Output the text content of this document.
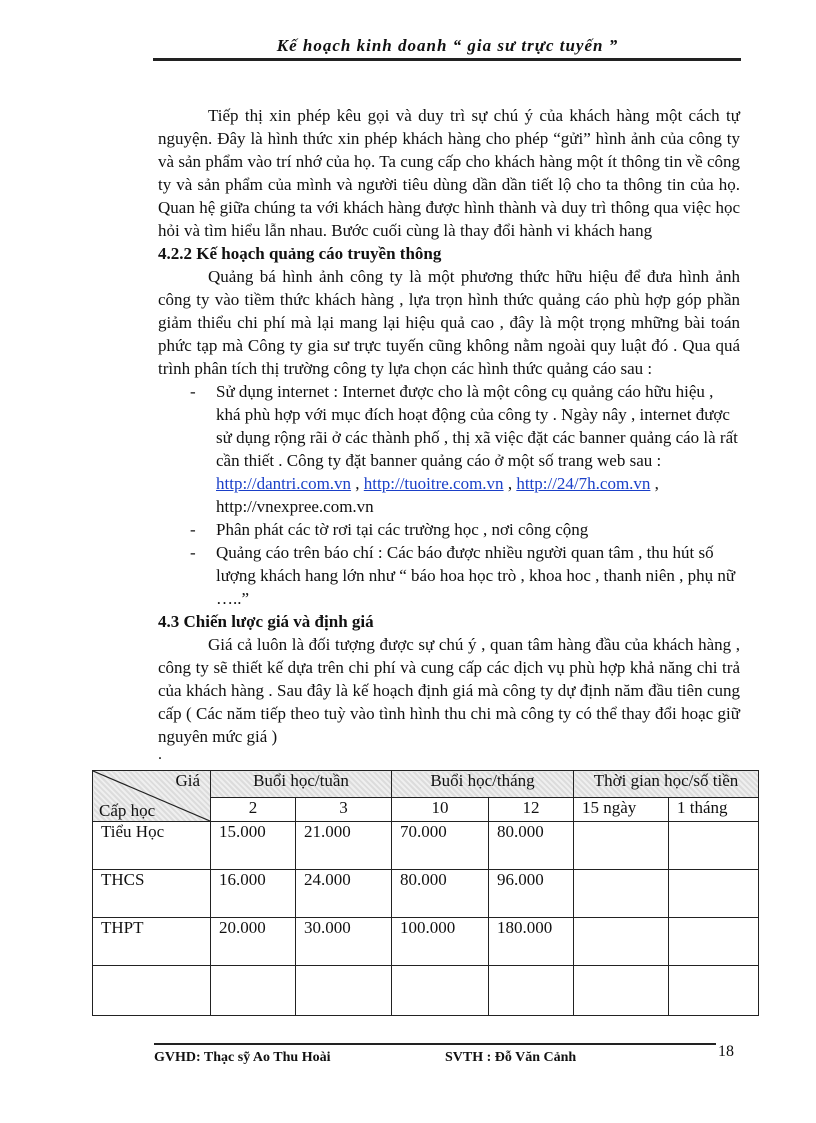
Kế hoạch kinh doanh “ gia sư trực tuyến ”

Tiếp thị xin phép kêu gọi và duy trì sự chú ý của khách hàng một cách tự nguyện. Đây là hình thức xin phép khách hàng cho phép “gửi” hình ảnh của công ty và sản phẩm vào trí nhớ của họ. Ta cung cấp cho khách hàng một ít thông tin về công ty và sản phẩm của mình và người tiêu dùng dần dần tiết lộ cho ta thông tin của họ. Quan hệ giữa chúng ta với khách hàng được hình thành và duy trì thông qua việc học hỏi và tìm hiểu lẫn nhau. Bước cuối cùng là thay đổi hành vi khách hang

4.2.2 Kế hoạch quảng cáo truyền thông

Quảng bá hình ảnh công ty là một phương thức hữu hiệu để đưa hình ảnh công ty vào tiềm thức khách hàng , lựa trọn hình thức quảng cáo phù hợp góp phần giảm thiểu chi phí mà lại mang lại hiệu quả cao , đây là một trọng mhững bài toán phức tạp mà Công ty gia sư trực tuyến cũng không nằm ngoài quy luật đó . Qua quá trình phân tích thị trường công ty lựa chọn các hình thức quảng cáo sau :

- Sử dụng internet : Internet được cho là một công cụ quảng cáo hữu hiệu , khá phù hợp với mục đích hoạt động của công ty . Ngày nây , internet được sử dụng rộng rãi ở các thành phố , thị xã việc đặt các banner quảng cáo là rất cần thiết . Công ty đặt banner quảng cáo ở một số trang web sau : http://dantri.com.vn , http://tuoitre.com.vn , http://24/7h.com.vn , http://vnexpree.com.vn
- Phân phát các tờ rơi tại các trường học , nơi công cộng
- Quảng cáo trên báo chí : Các báo được nhiều người quan tâm , thu hút số lượng khách hang lớn như “ báo hoa học trò , khoa hoc , thanh niên , phụ nữ …..”

4.3 Chiến lược giá và định giá

Giá cả luôn là đối tượng được sự chú ý , quan tâm hàng đầu của khách hàng , công ty sẽ thiết kế dựa trên chi phí và cung cấp các dịch vụ phù hợp khả năng chi trả của khách hàng . Sau đây là kế hoạch định giá mà công ty dự định năm đầu tiên cung cấp ( Các năm tiếp theo tuỳ vào tình hình thu chi mà công ty có thể thay đổi hoạc giữ nguyên mức giá )

.
Giá
Cấp học	Buổi học/tuần		Buổi học/tháng		Thời gian học/số tiền	
	2	3	10	12	15 ngày	1 tháng
Tiểu Học	15.000	21.000	70.000	80.000		
THCS	16.000	24.000	80.000	96.000		
THPT	20.000	30.000	100.000	180.000		

GVHD: Thạc sỹ Ao Thu Hoài	SVTH : Đỗ Văn Cảnh	18
